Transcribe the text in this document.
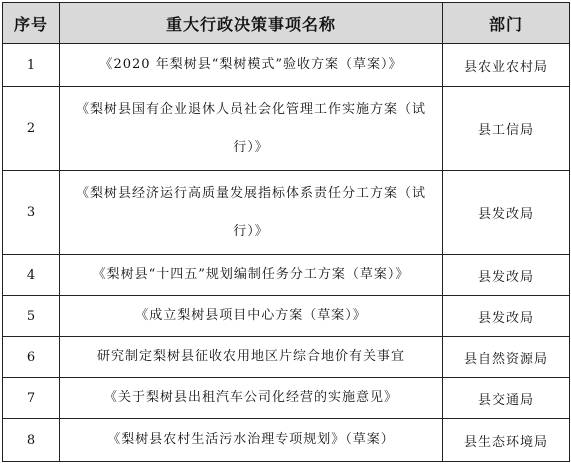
序号	重大行政决策事项名称	部门
1	《2020 年梨树县“梨树模式”验收方案（草案）》	县农业农村局
2	《梨树县国有企业退休人员社会化管理工作实施方案（试行）》	县工信局
3	《梨树县经济运行高质量发展指标体系责任分工方案（试行）》	县发改局
4	《梨树县“十四五”规划编制任务分工方案（草案）》	县发改局
5	《成立梨树县项目中心方案（草案）》	县发改局
6	研究制定梨树县征收农用地区片综合地价有关事宜	县自然资源局
7	《关于梨树县出租汽车公司化经营的实施意见》	县交通局
8	《梨树县农村生活污水治理专项规划》（草案）	县生态环境局
